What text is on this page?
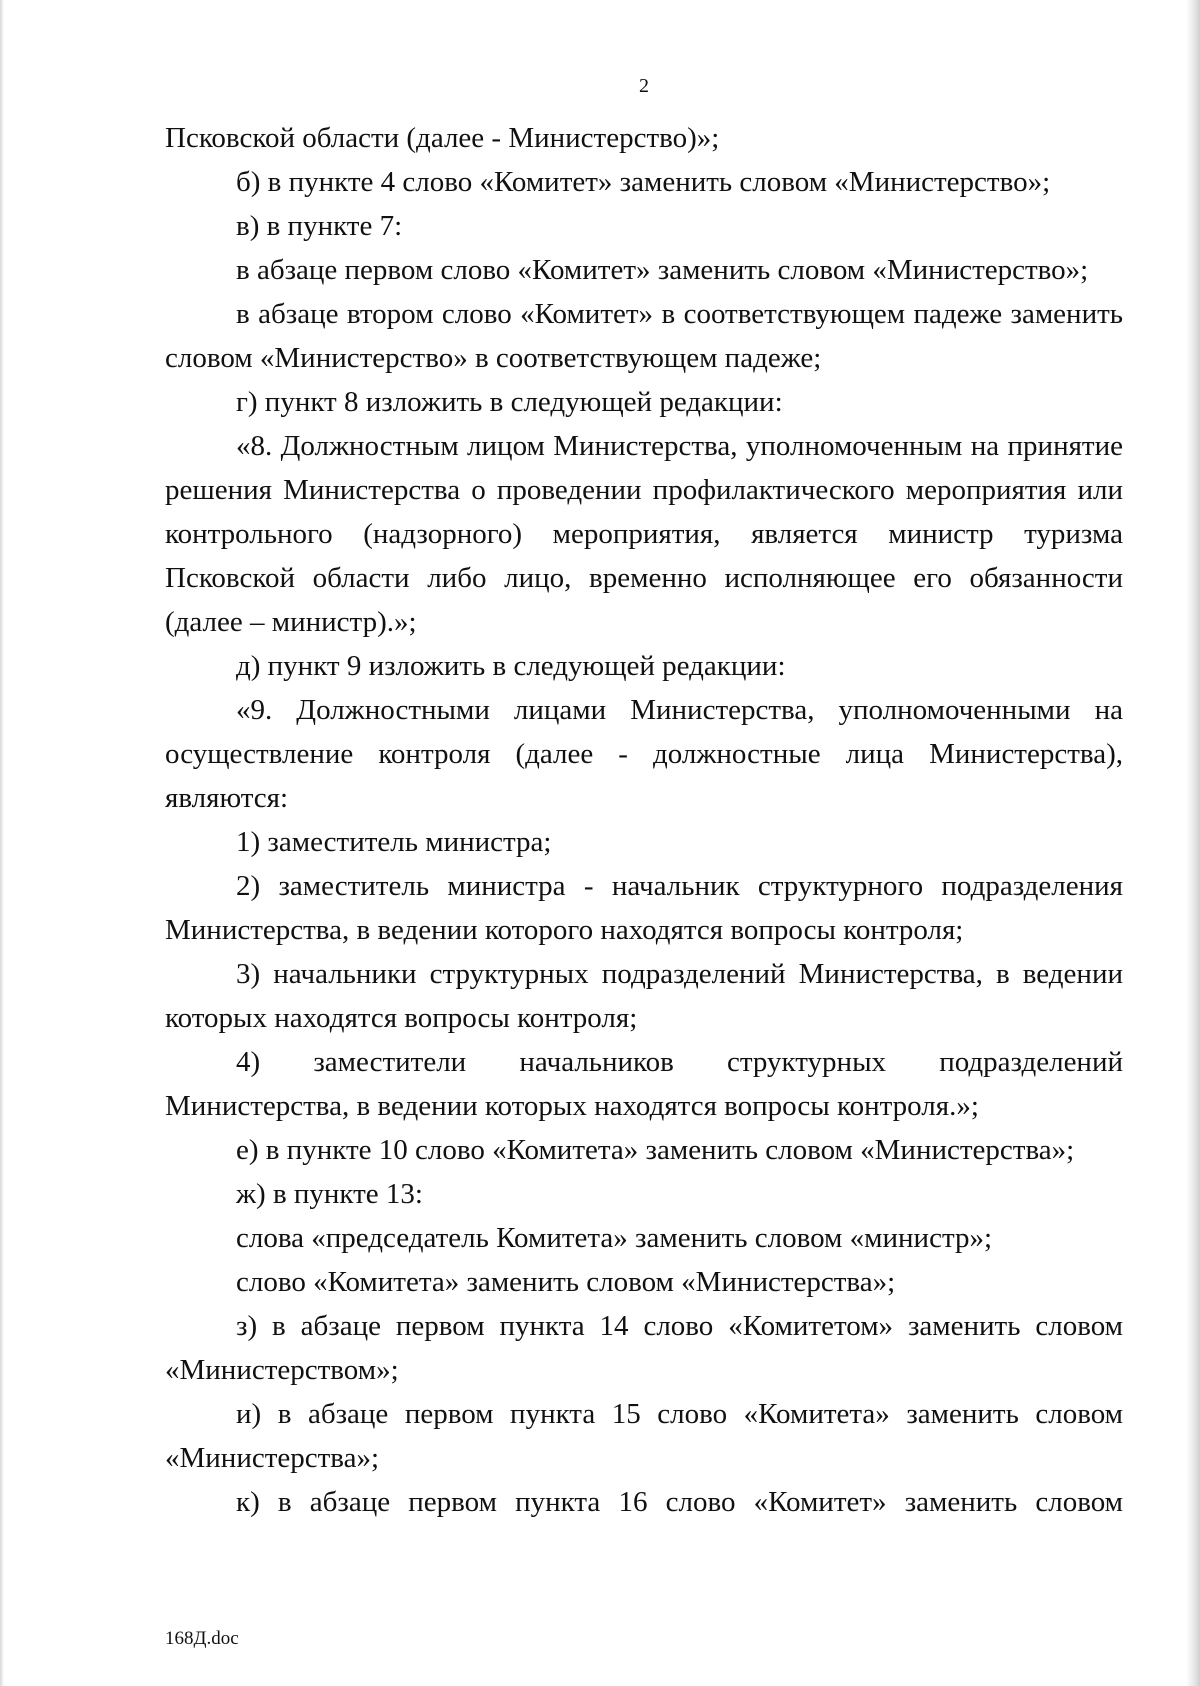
2

Псковской области (далее - Министерство)»;

б) в пункте 4 слово «Комитет» заменить словом «Министерство»;

в) в пункте 7:

в абзаце первом слово «Комитет» заменить словом «Министерство»;

в абзаце втором слово «Комитет» в соответствующем падеже заменить словом «Министерство» в соответствующем падеже;

г) пункт 8 изложить в следующей редакции:

«8. Должностным лицом Министерства, уполномоченным на принятие решения Министерства о проведении профилактического мероприятия или контрольного (надзорного) мероприятия, является министр туризма Псковской области либо лицо, временно исполняющее его обязанности (далее – министр).»;

д) пункт 9 изложить в следующей редакции:

«9. Должностными лицами Министерства, уполномоченными на осуществление контроля (далее - должностные лица Министерства), являются:

1) заместитель министра;

2) заместитель министра - начальник структурного подразделения Министерства, в ведении которого находятся вопросы контроля;

3) начальники структурных подразделений Министерства, в ведении которых находятся вопросы контроля;

4) заместители начальников структурных подразделений Министерства, в ведении которых находятся вопросы контроля.»;

е) в пункте 10 слово «Комитета» заменить словом «Министерства»;

ж) в пункте 13:

слова «председатель Комитета» заменить словом «министр»;

слово «Комитета» заменить словом «Министерства»;

з) в абзаце первом пункта 14 слово «Комитетом» заменить словом «Министерством»;

и) в абзаце первом пункта 15 слово «Комитета» заменить словом «Министерства»;

к) в абзаце первом пункта 16 слово «Комитет» заменить словом

168Д.doc
